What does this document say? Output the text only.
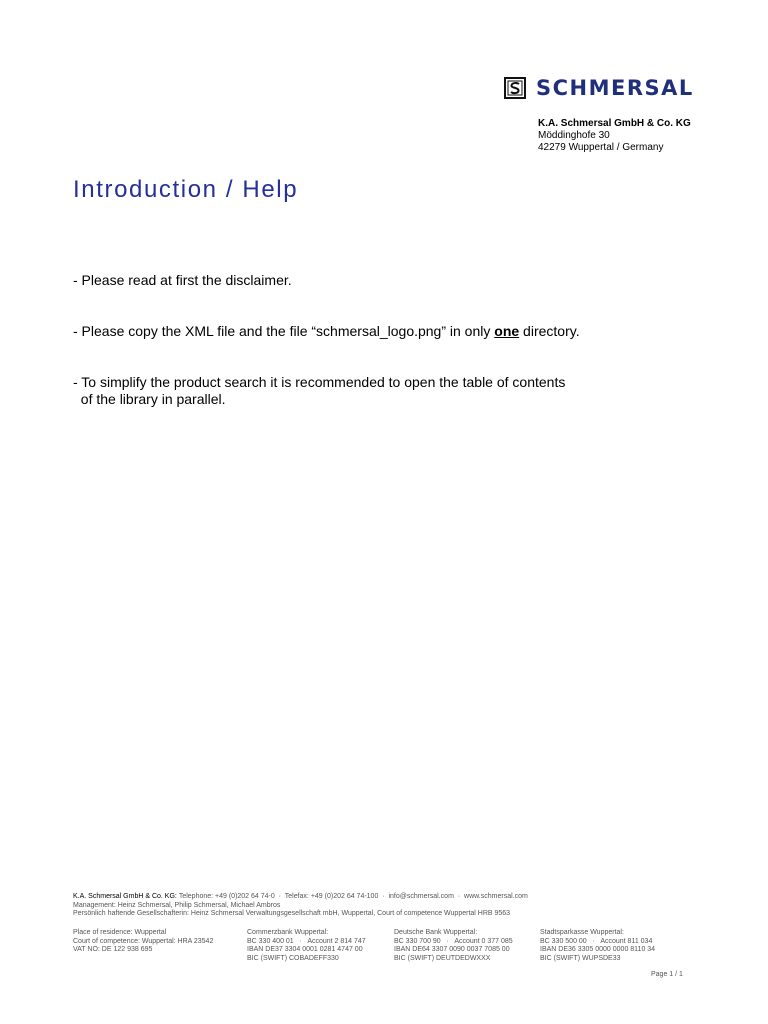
SCHMERSAL
K.A. Schmersal GmbH & Co. KG
Möddinghofe 30
42279 Wuppertal / Germany
Introduction / Help
- Please read at first the disclaimer.
- Please copy the XML file and the file “schmersal_logo.png” in only one directory.
- To simplify the product search it is recommended to open the table of contents
of the library in parallel.
K.A. Schmersal GmbH & Co. KG: Telephone: +49 (0)202 64 74-0  ·  Telefax: +49 (0)202 64 74-100  ·  info@schmersal.com  ·  www.schmersal.com
Management: Heinz Schmersal, Philip Schmersal, Michael Ambros
Persönlich haftende Gesellschafterin: Heinz Schmersal Verwaltungsgesellschaft mbH, Wuppertal, Court of competence Wuppertal HRB 9563
Place of residence: Wuppertal
Court of competence: Wuppertal: HRA 23542
VAT NO: DE 122 938 695
Commerzbank Wuppertal:
BC 330 400 01   ·   Account 2 814 747
IBAN DE37 3304 0001 0281 4747 00
BIC (SWIFT) COBADEFF330
Deutsche Bank Wuppertal:
BC 330 700 90   ·   Account 0 377 085
IBAN DE64 3307 0090 0037 7085 00
BIC (SWIFT) DEUTDEDWXXX
Stadtsparkasse Wuppertal:
BC 330 500 00   ·   Account 811 034
IBAN DE36 3305 0000 0000 8110 34
BIC (SWIFT) WUPSDE33
Page 1 / 1
